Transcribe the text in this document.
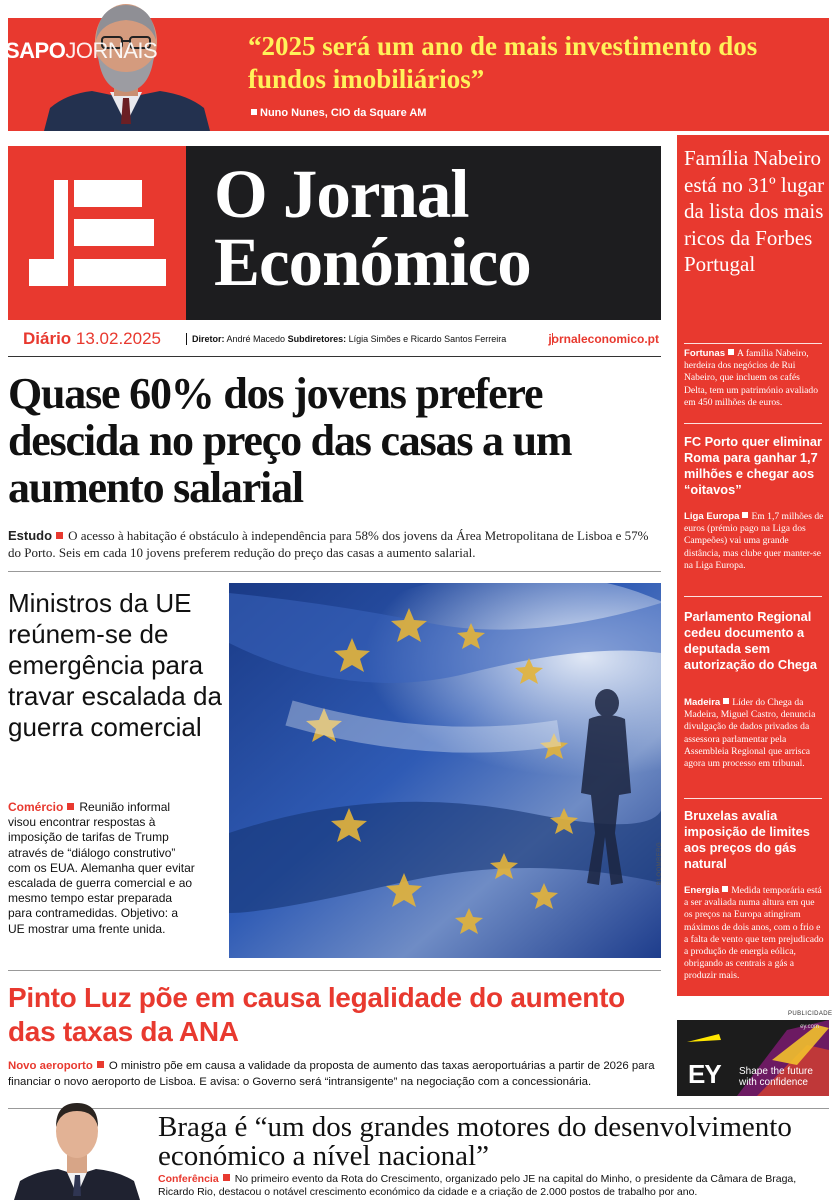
SAPOJORNAIS	“2025 será um ano de mais investimento dos fundos imobiliários”
Nuno Nunes, CIO da Square AM
O Jornal
Económico
Diário 13.02.2025	Diretor: André Macedo Subdiretores: Lígia Simões e Ricardo Santos Ferreira	jornaleconomico.pt
Quase 60% dos jovens prefere descida no preço das casas a um aumento salarial
Estudo O acesso à habitação é obstáculo à independência para 58% dos jovens da Área Metropolitana de Lisboa e 57% do Porto. Seis em cada 10 jovens preferem redução do preço das casas a aumento salarial.
Ministros da UE reúnem-se de emergência para travar escalada da guerra comercial
Comércio Reunião informal visou encontrar respostas à imposição de tarifas de Trump através de “diálogo construtivo” com os EUA. Alemanha quer evitar escalada de guerra comercial e ao mesmo tempo estar preparada para contramedidas. Objetivo: a UE mostrar uma frente unida.
BLOOMBERG
Pinto Luz põe em causa legalidade do aumento das taxas da ANA
Novo aeroporto O ministro põe em causa a validade da proposta de aumento das taxas aeroportuárias a partir de 2026 para financiar o novo aeroporto de Lisboa. E avisa: o Governo será “intransigente” na negociação com a concessionária.
Braga é “um dos grandes motores do desenvolvimento económico a nível nacional”
Conferência No primeiro evento da Rota do Crescimento, organizado pelo JE na capital do Minho, o presidente da Câmara de Braga, Ricardo Rio, destacou o notável crescimento económico da cidade e a criação de 2.000 postos de trabalho por ano.
Família Nabeiro está no 31º lugar da lista dos mais ricos da Forbes Portugal
Fortunas A família Nabeiro, herdeira dos negócios de Rui Nabeiro, que incluem os cafés Delta, tem um património avaliado em 450 milhões de euros.
FC Porto quer eliminar Roma para ganhar 1,7 milhões e chegar aos “oitavos”
Liga Europa Em 1,7 milhões de euros (prémio pago na Liga dos Campeões) vai uma grande distância, mas clube quer manter-se na Liga Europa.
Parlamento Regional cedeu documento a deputada sem autorização do Chega
Madeira Líder do Chega da Madeira, Miguel Castro, denuncia divulgação de dados privados da assessora parlamentar pela Assembleia Regional que arrisca agora um processo em tribunal.
Bruxelas avalia imposição de limites aos preços do gás natural
Energia Medida temporária está a ser avaliada numa altura em que os preços na Europa atingiram máximos de dois anos, com o frio e a falta de vento que tem prejudicado a produção de energia eólica, obrigando as centrais a gás a produzir mais.
PUBLICIDADE
ey.com
EY Shape the future with confidence
